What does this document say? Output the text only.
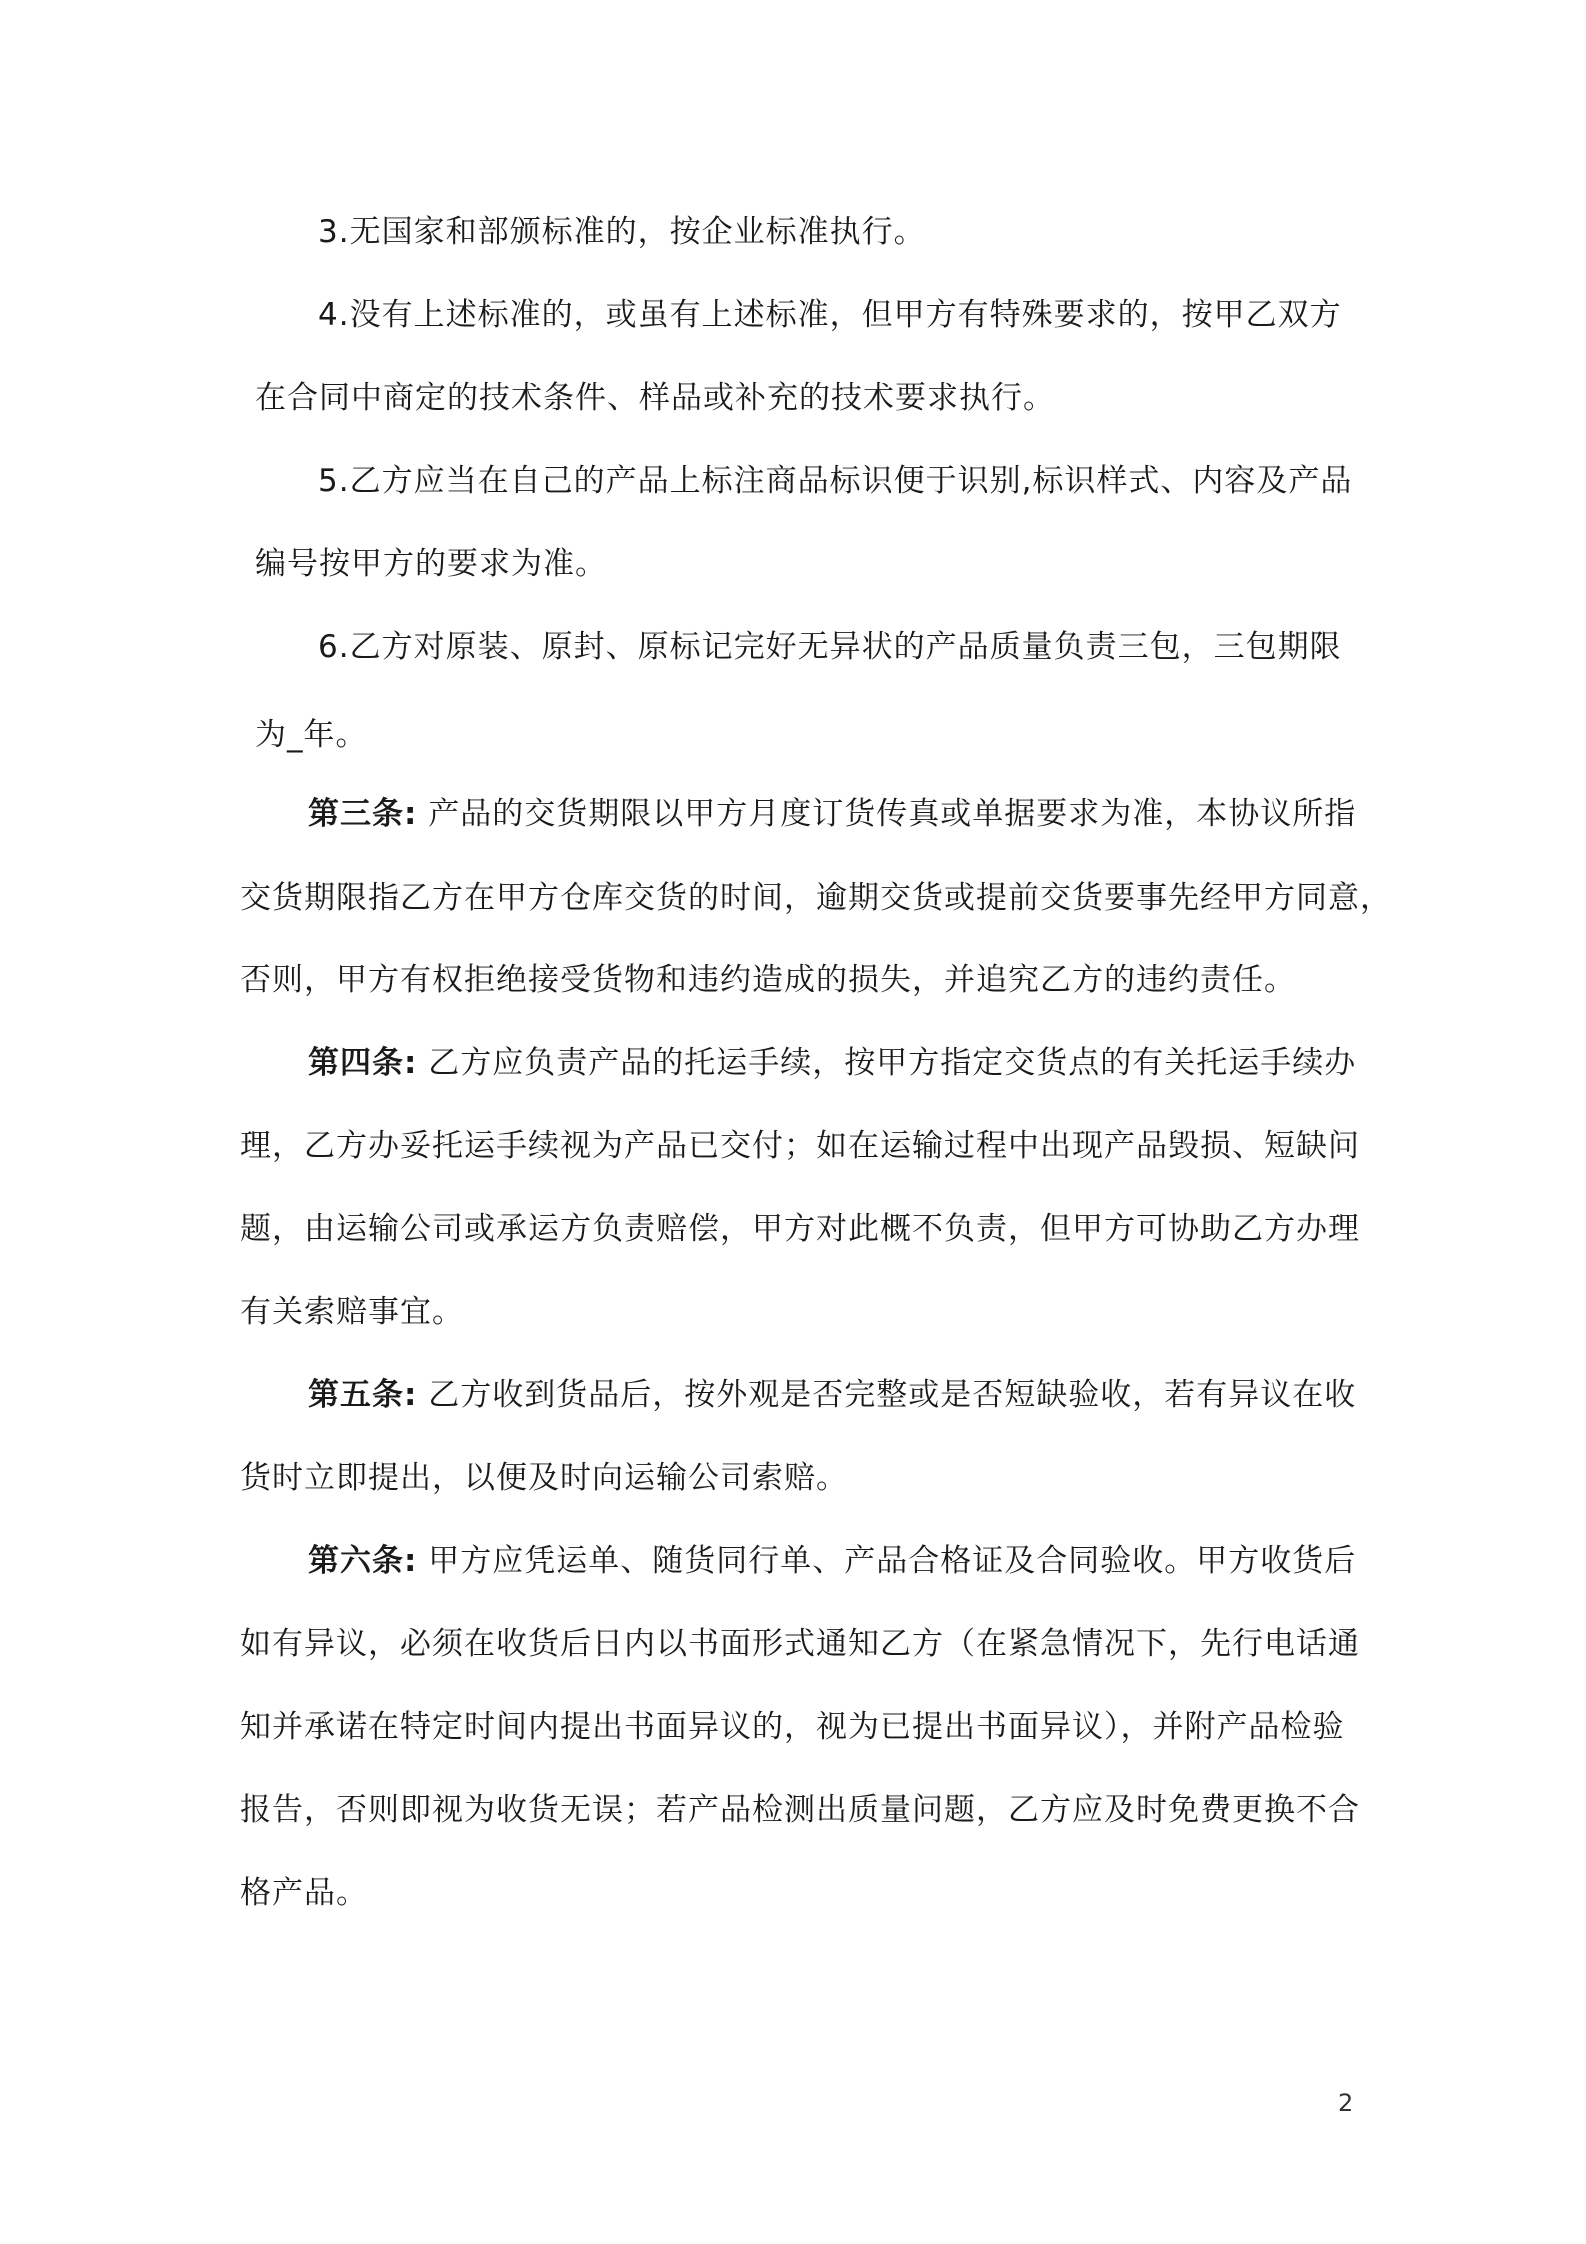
3.无国家和部颁标准的，按企业标准执行。
4.没有上述标准的，或虽有上述标准，但甲方有特殊要求的，按甲乙双方
在合同中商定的技术条件、样品或补充的技术要求执行。
5.乙方应当在自己的产品上标注商品标识便于识别,标识样式、内容及产品
编号按甲方的要求为准。
6.乙方对原装、原封、原标记完好无异状的产品质量负责三包，三包期限
为_年。
第三条: 产品的交货期限以甲方月度订货传真或单据要求为准，本协议所指
交货期限指乙方在甲方仓库交货的时间，逾期交货或提前交货要事先经甲方同意，
否则，甲方有权拒绝接受货物和违约造成的损失，并追究乙方的违约责任。
第四条: 乙方应负责产品的托运手续，按甲方指定交货点的有关托运手续办
理，乙方办妥托运手续视为产品已交付；如在运输过程中出现产品毁损、短缺问
题，由运输公司或承运方负责赔偿，甲方对此概不负责，但甲方可协助乙方办理
有关索赔事宜。
第五条: 乙方收到货品后，按外观是否完整或是否短缺验收，若有异议在收
货时立即提出，以便及时向运输公司索赔。
第六条: 甲方应凭运单、随货同行单、产品合格证及合同验收。甲方收货后
如有异议，必须在收货后日内以书面形式通知乙方（在紧急情况下，先行电话通
知并承诺在特定时间内提出书面异议的，视为已提出书面异议），并附产品检验
报告，否则即视为收货无误；若产品检测出质量问题，乙方应及时免费更换不合
格产品。
2
